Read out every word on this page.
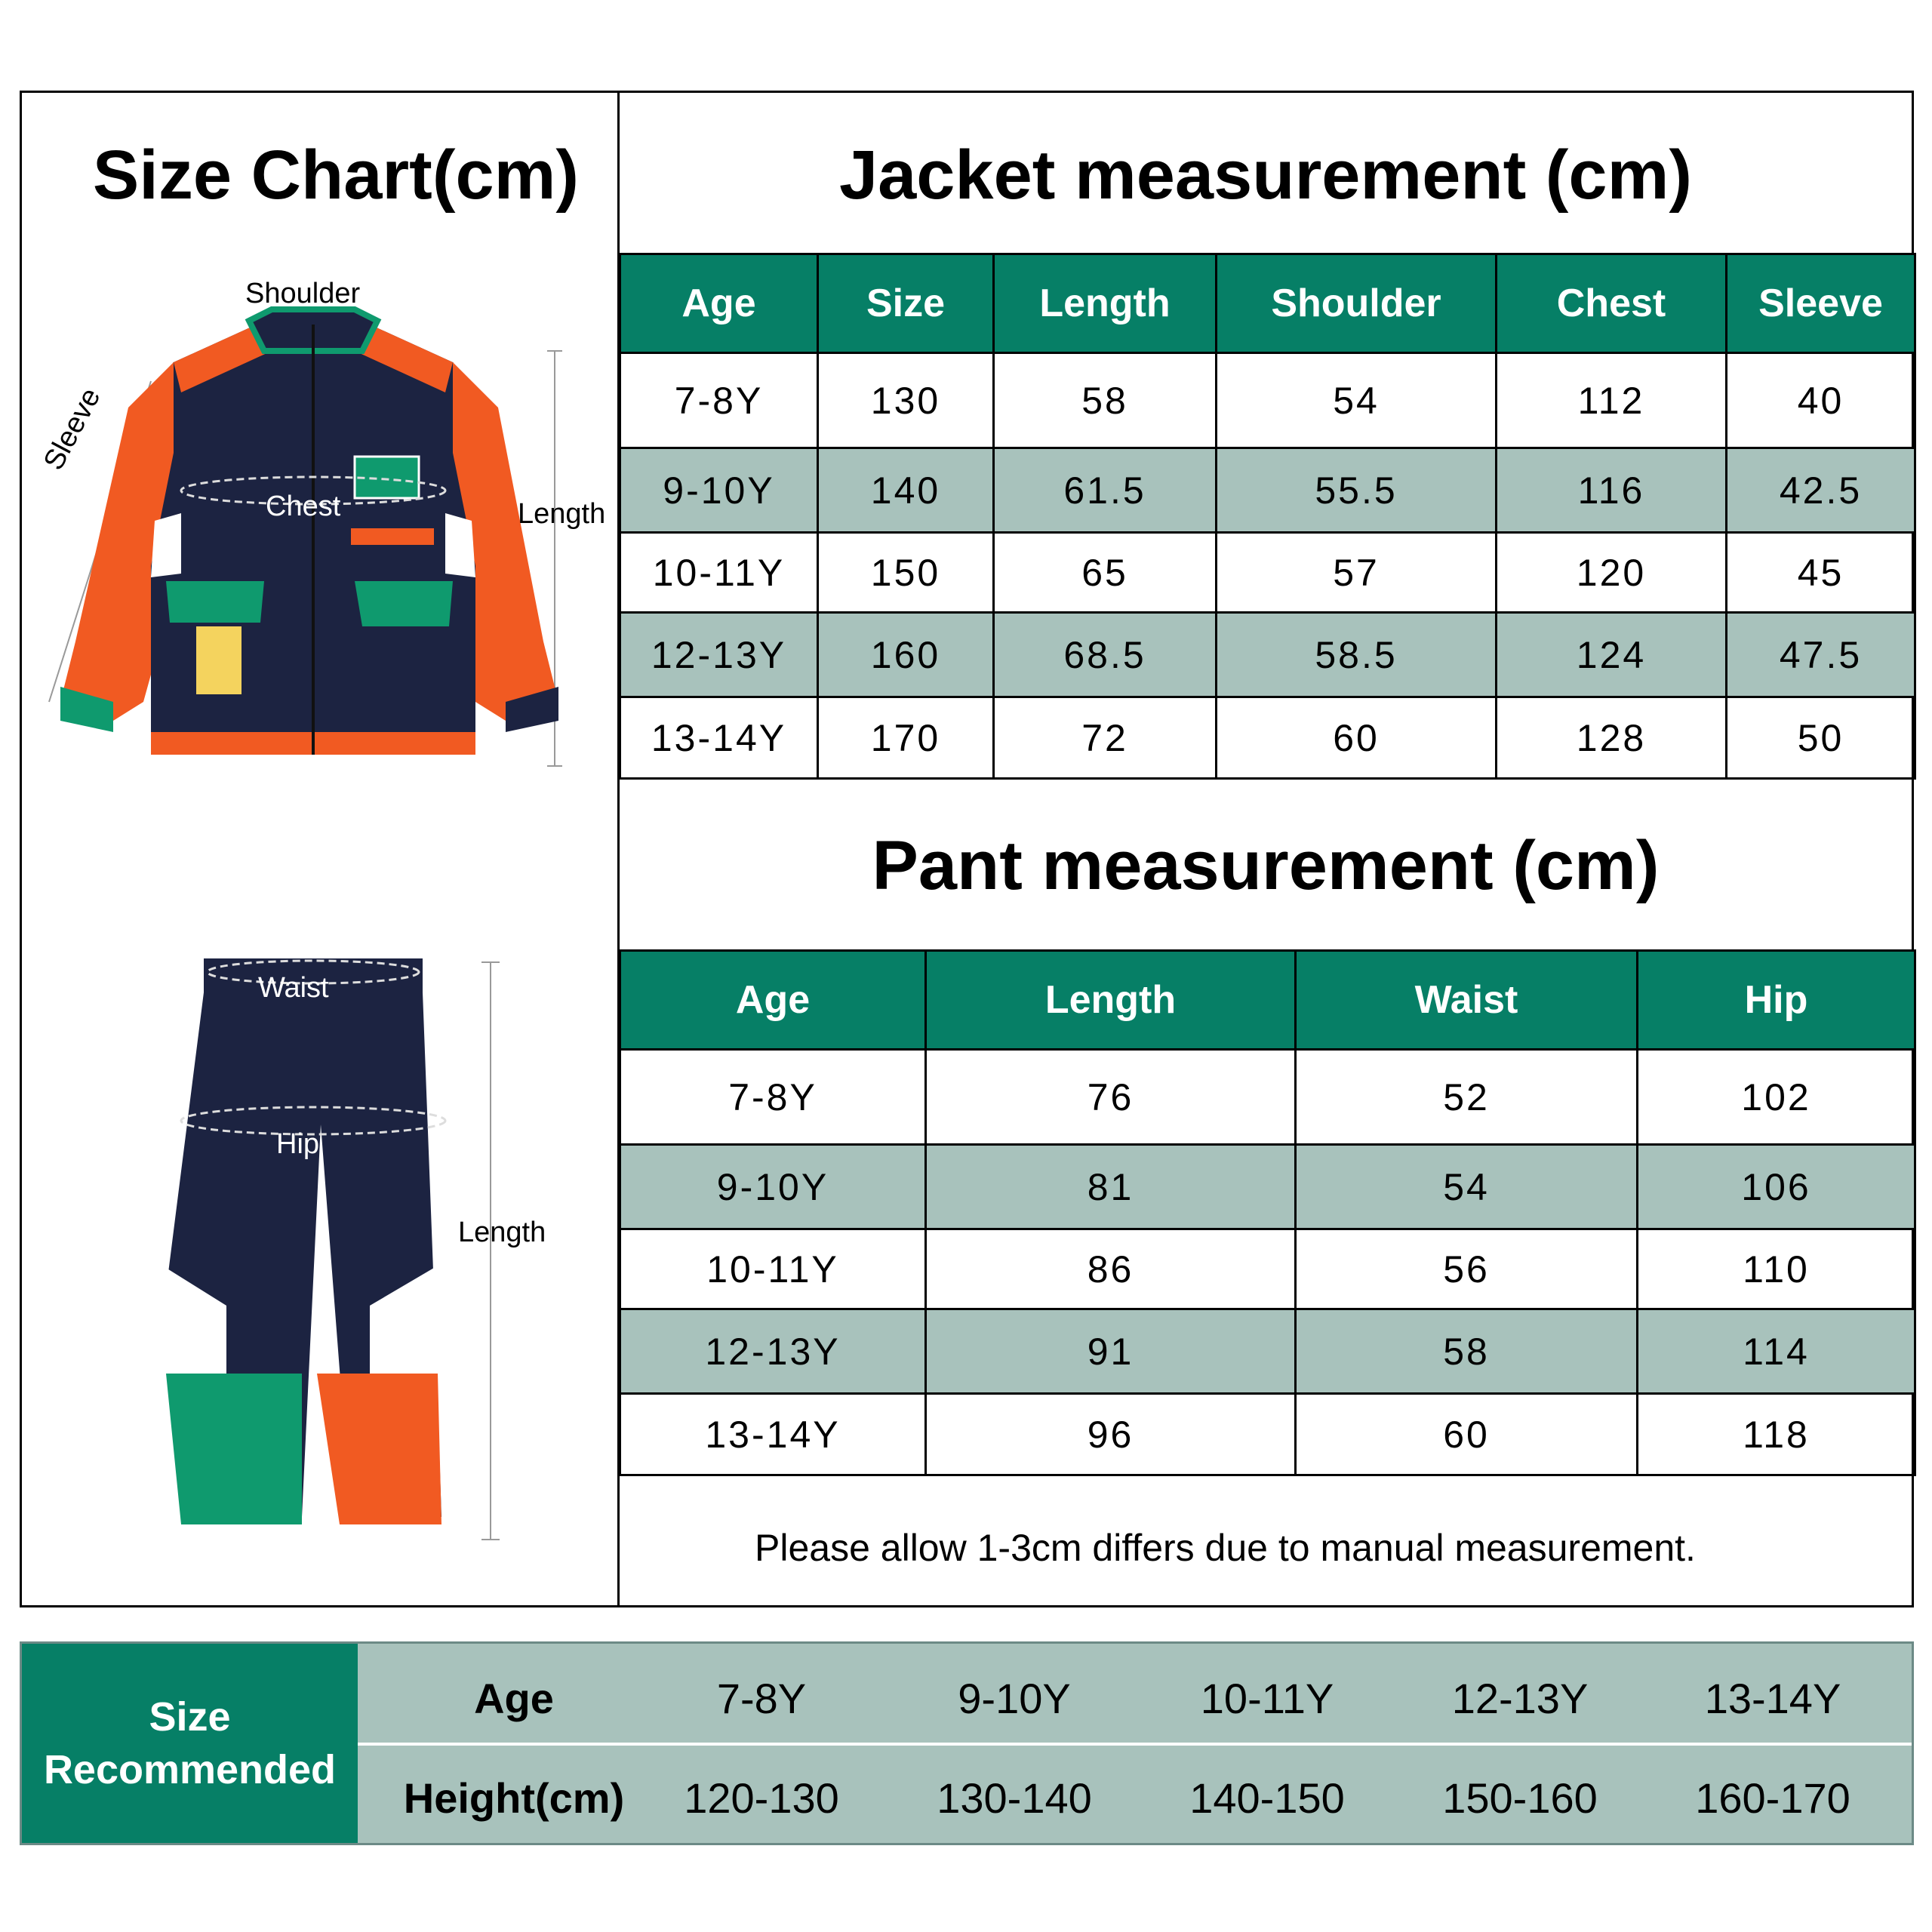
Size Chart(cm)
Shoulder
Sleeve
Chest	Length
Waist
Hip
Length
Jacket measurement (cm)
Age	Size	Length	Shoulder	Chest	Sleeve
7-8Y	130	58	54	112	40
9-10Y	140	61.5	55.5	116	42.5
10-11Y	150	65	57	120	45
12-13Y	160	68.5	58.5	124	47.5
13-14Y	170	72	60	128	50
Pant measurement (cm)
Age	Length	Waist	Hip
7-8Y	76	52	102
9-10Y	81	54	106
10-11Y	86	56	110
12-13Y	91	58	114
13-14Y	96	60	118
Please allow 1-3cm differs due to manual measurement.
Size
Recommended
Age	7-8Y	9-10Y	10-11Y	12-13Y	13-14Y
Height(cm) 120-130 130-140 140-150 150-160 160-170
